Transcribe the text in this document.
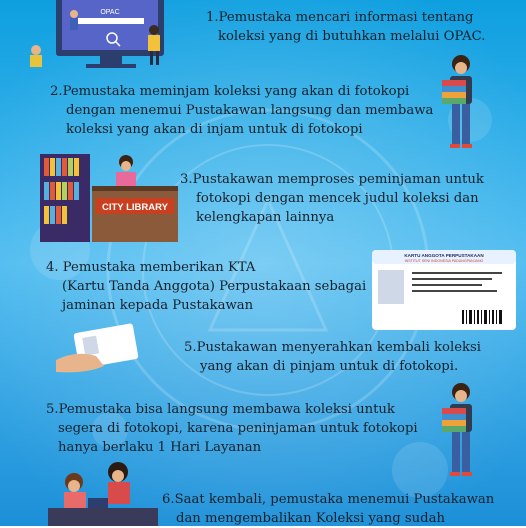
OPAC
CITY LIBRARY
KARTU ANGGOTA PERPUSTAKAAN
INSTITUT SENI INDONESIA PADANGPANJANG
1.Pemustaka mencari informasi tentang
koleksi yang di butuhkan melalui OPAC.
2.Pemustaka meminjam koleksi yang akan di fotokopi
dengan menemui Pustakawan langsung dan membawa
koleksi yang akan di injam untuk di fotokopi
3.Pustakawan memproses peminjaman untuk
fotokopi dengan mencek judul koleksi dan
kelengkapan lainnya
4. Pemustaka memberikan KTA
(Kartu Tanda Anggota) Perpustakaan sebagai
jaminan kepada Pustakawan
5.Pustakawan menyerahkan kembali koleksi
yang akan di pinjam untuk di fotokopi.
5.Pemustaka bisa langsung membawa koleksi untuk
segera di fotokopi, karena peninjaman untuk fotokopi
hanya berlaku 1 Hari Layanan
6.Saat kembali, pemustaka menemui Pustakawan
dan mengembalikan Koleksi yang sudah
